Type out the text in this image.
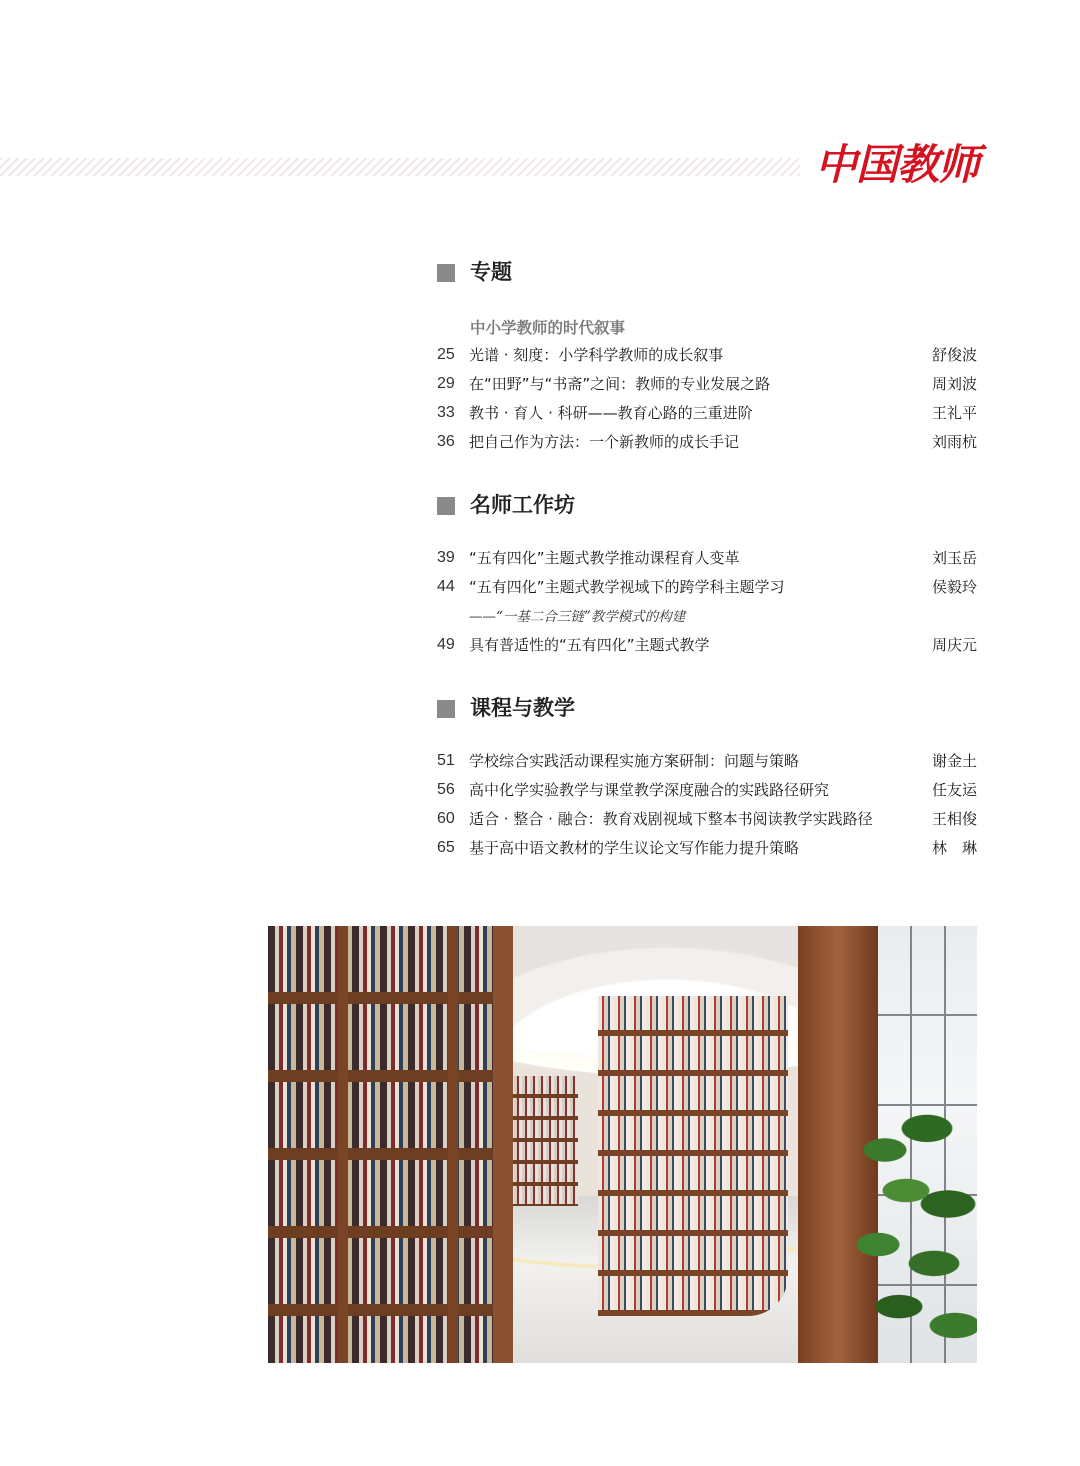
中国教师
专题
中小学教师的时代叙事
25 光谱 · 刻度：小学科学教师的成长叙事	舒俊波
29 在“田野”与“书斋”之间：教师的专业发展之路	周刘波
33 教书 · 育人 · 科研——教育心路的三重进阶	王礼平
36 把自己作为方法：一个新教师的成长手记	刘雨杭
名师工作坊
39 “五有四化”主题式教学推动课程育人变革	刘玉岳
44 “五有四化”主题式教学视域下的跨学科主题学习	侯毅玲
——“一基二合三链”教学模式的构建
49 具有普适性的“五有四化”主题式教学	周庆元
课程与教学
51 学校综合实践活动课程实施方案研制：问题与策略	谢金土
56 高中化学实验教学与课堂教学深度融合的实践路径研究	任友运
60 适合 · 整合 · 融合：教育戏剧视域下整本书阅读教学实践路径	王相俊
65 基于高中语文教材的学生议论文写作能力提升策略	林　琳
